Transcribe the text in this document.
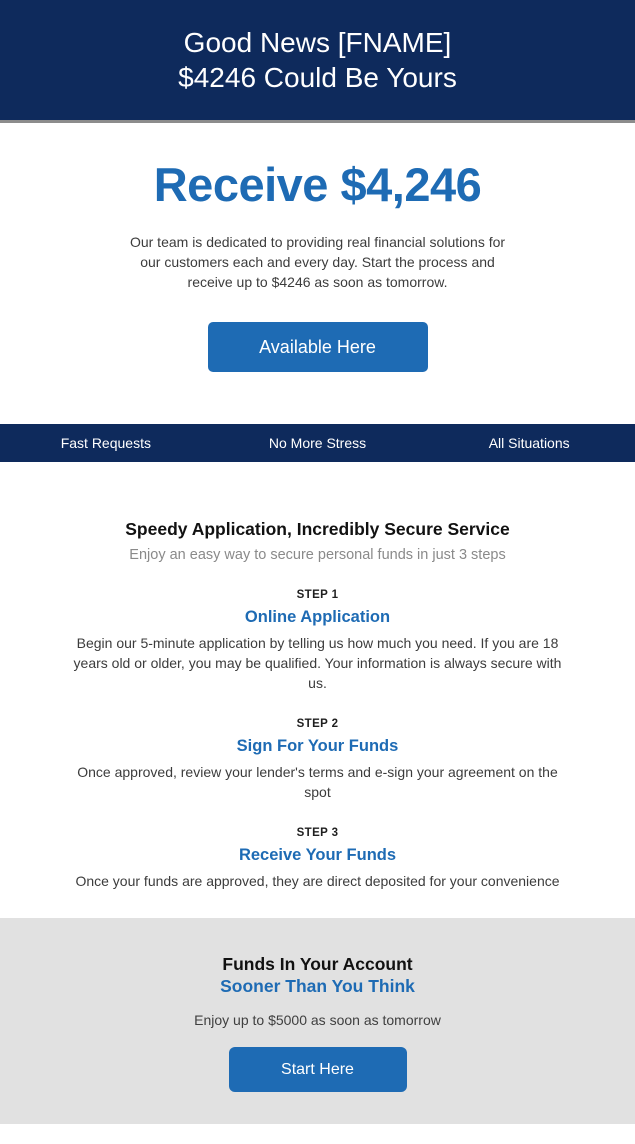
Good News [FNAME]
$4246 Could Be Yours
Receive $4,246

Our team is dedicated to providing real financial solutions for our customers each and every day. Start the process and receive up to $4246 as soon as tomorrow.

Available Here
Fast Requests	No More Stress	All Situations
Speedy Application, Incredibly Secure Service
Enjoy an easy way to secure personal funds in just 3 steps
STEP 1
Online Application

Begin our 5-minute application by telling us how much you need. If you are 18 years old or older, you may be qualified. Your information is always secure with us.

STEP 2
Sign For Your Funds

Once approved, review your lender's terms and e-sign your agreement on the spot

STEP 3
Receive Your Funds

Once your funds are approved, they are direct deposited for your convenience

Funds In Your Account
Sooner Than You Think
Enjoy up to $5000 as soon as tomorrow
Start Here
